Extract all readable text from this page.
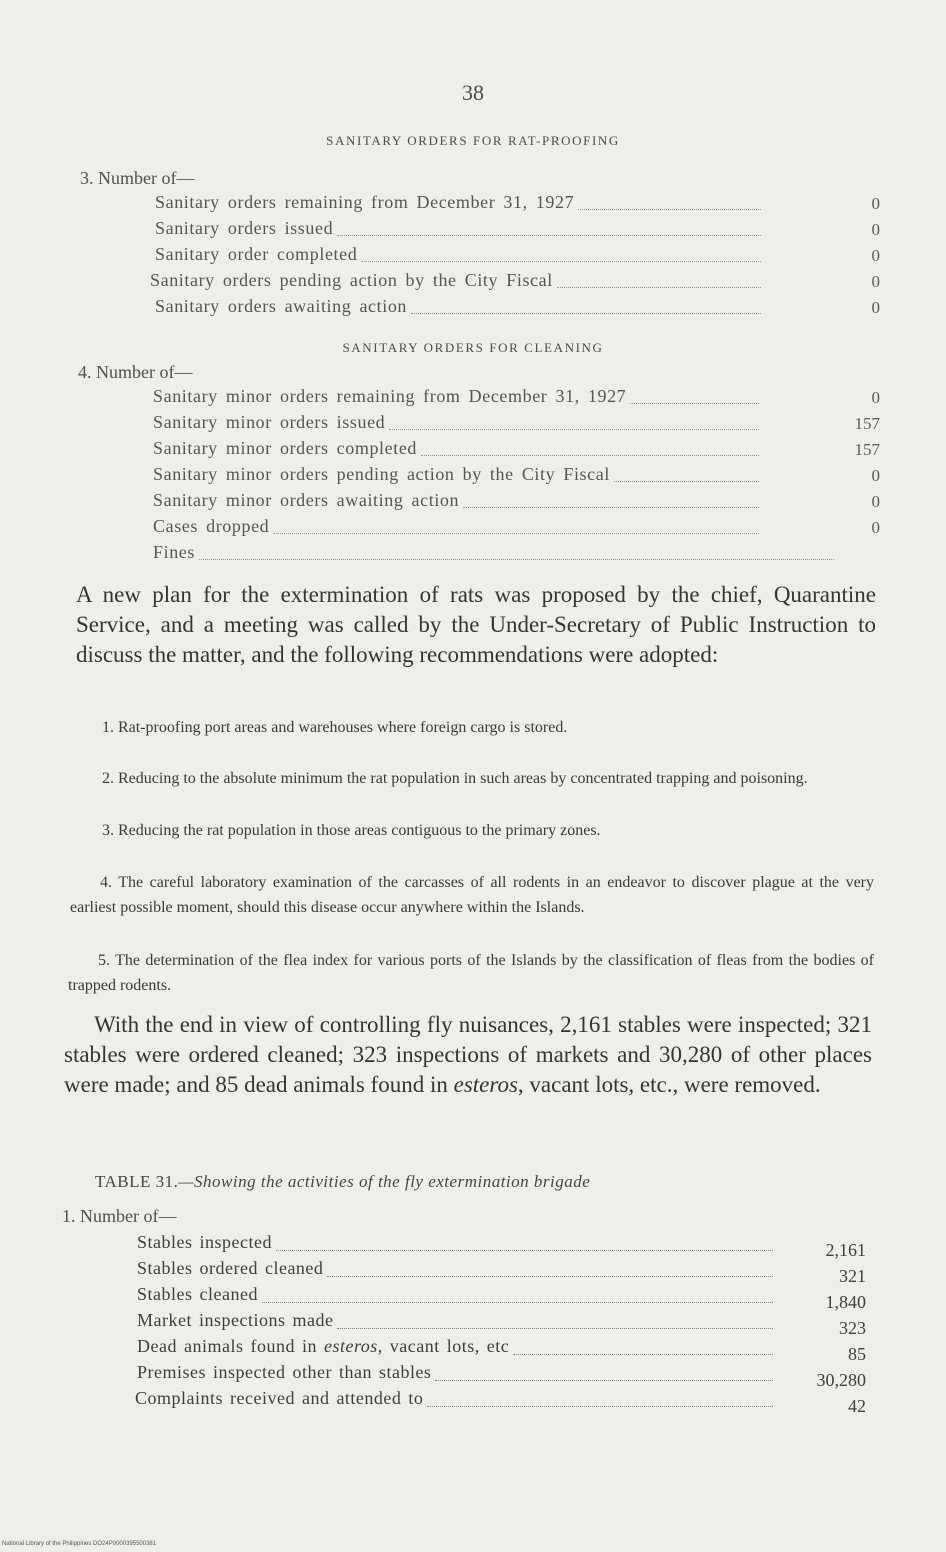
38
SANITARY ORDERS FOR RAT-PROOFING
3. Number of—
Sanitary orders remaining from December 31, 1927	0
Sanitary orders issued	0
Sanitary order completed	0
Sanitary orders pending action by the City Fiscal	0
Sanitary orders awaiting action	0
SANITARY ORDERS FOR CLEANING
4. Number of—
Sanitary minor orders remaining from December 31, 1927	0
Sanitary minor orders issued	157
Sanitary minor orders completed	157
Sanitary minor orders pending action by the City Fiscal	0
Sanitary minor orders awaiting action	0
Cases dropped	0
Fines
A new plan for the extermination of rats was proposed by the chief, Quarantine Service, and a meeting was called by the Under-Secretary of Public Instruction to discuss the matter, and the following recommendations were adopted:
1. Rat-proofing port areas and warehouses where foreign cargo is stored.
2. Reducing to the absolute minimum the rat population in such areas by concentrated trapping and poisoning.
3. Reducing the rat population in those areas contiguous to the primary zones.
4. The careful laboratory examination of the carcasses of all rodents in an endeavor to discover plague at the very earliest possible moment, should this disease occur anywhere within the Islands.
5. The determination of the flea index for various ports of the Islands by the classification of fleas from the bodies of trapped rodents.
With the end in view of controlling fly nuisances, 2,161 stables were inspected; 321 stables were ordered cleaned; 323 inspections of markets and 30,280 of other places were made; and 85 dead animals found in esteros, vacant lots, etc., were removed.
TABLE 31.—Showing the activities of the fly extermination brigade
1. Number of—
Stables inspected	2,161
Stables ordered cleaned	321
Stables cleaned	1,840
Market inspections made	323
Dead animals found in esteros, vacant lots, etc	85
Premises inspected other than stables	30,280
Complaints received and attended to	42
National Library of the Philippines DO24P0000395500381
